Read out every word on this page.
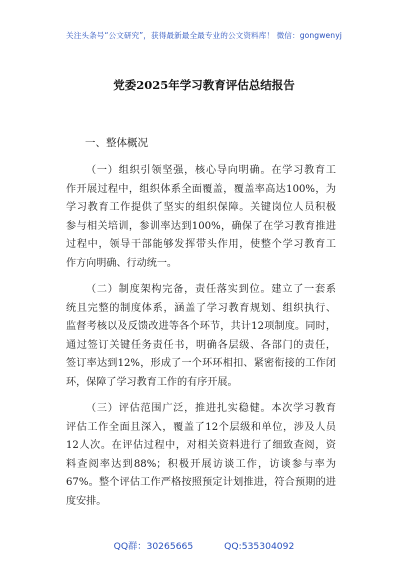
关注头条号“公文研究”，获得最新最全最专业的公文资料库！ 微信：gongwenyj
党委2025年学习教育评估总结报告
一、整体概况
（一）组织引领坚强，核心导向明确。在学习教育工
作开展过程中，组织体系全面覆盖，覆盖率高达100%，为
学习教育工作提供了坚实的组织保障。关键岗位人员积极
参与相关培训，参训率达到100%，确保了在学习教育推进
过程中，领导干部能够发挥带头作用，使整个学习教育工
作方向明确、行动统一。
（二）制度架构完备，责任落实到位。建立了一套系
统且完整的制度体系，涵盖了学习教育规划、组织执行、
监督考核以及反馈改进等各个环节，共计12项制度。同时，
通过签订关键任务责任书，明确各层级、各部门的责任，
签订率达到12%，形成了一个环环相扣、紧密衔接的工作闭
环，保障了学习教育工作的有序开展。
（三）评估范围广泛，推进扎实稳健。本次学习教育
评估工作全面且深入，覆盖了12个层级和单位，涉及人员
12人次。在评估过程中，对相关资料进行了细致查阅，资
料查阅率达到88%；积极开展访谈工作，访谈参与率为
67%。整个评估工作严格按照预定计划推进，符合预期的进
度安排。
QQ群：30265665	QQ:535304092
